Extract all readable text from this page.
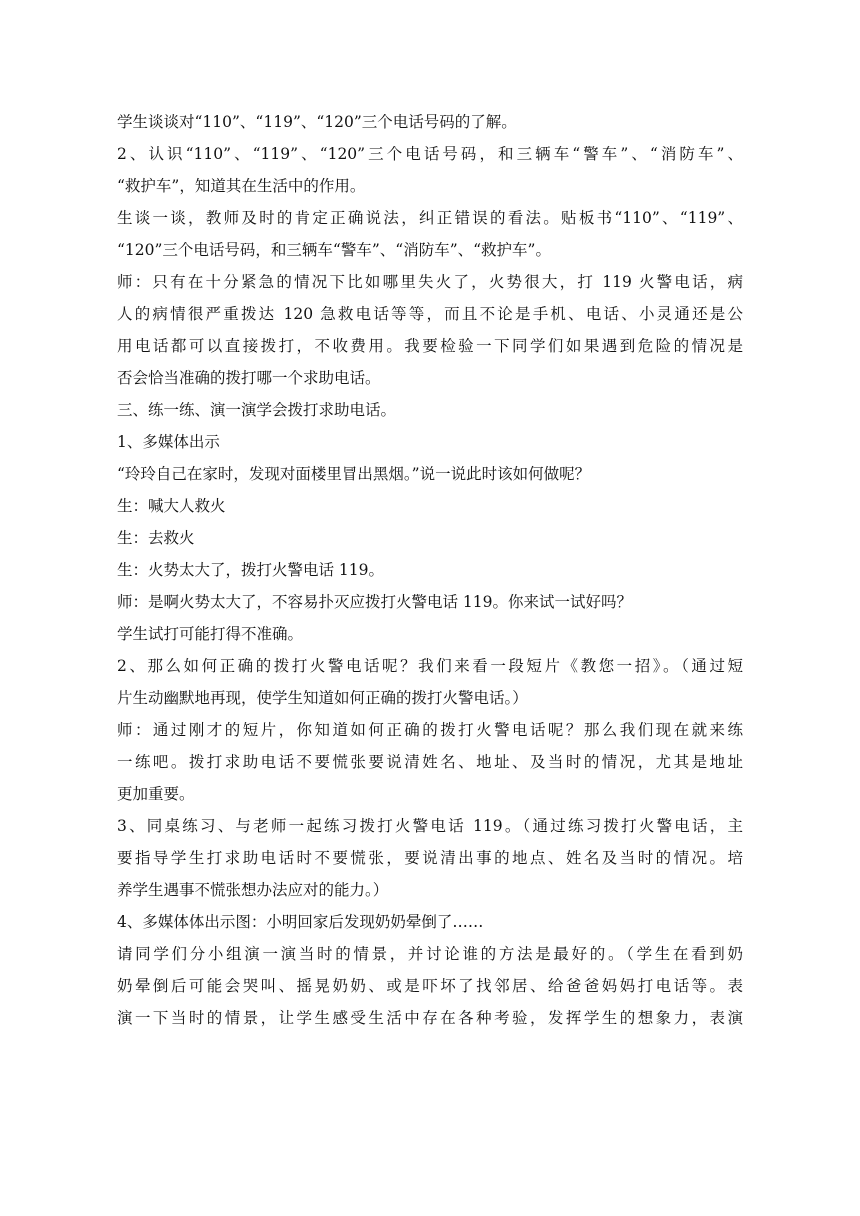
学生谈谈对“110”、“119”、“120”三个电话号码的了解。
2、认识“110”、“119”、“120”三个电话号码，和三辆车“警车”、“消防车”、
“救护车”，知道其在生活中的作用。
生谈一谈，教师及时的肯定正确说法，纠正错误的看法。贴板书“110”、“119”、
“120”三个电话号码，和三辆车“警车”、“消防车”、“救护车”。
师：只有在十分紧急的情况下比如哪里失火了，火势很大，打 119 火警电话，病
人的病情很严重拨达 120 急救电话等等，而且不论是手机、电话、小灵通还是公
用电话都可以直接拨打，不收费用。我要检验一下同学们如果遇到危险的情况是
否会恰当准确的拨打哪一个求助电话。
三、练一练、演一演学会拨打求助电话。
1、多媒体出示
“玲玲自己在家时，发现对面楼里冒出黑烟。”说一说此时该如何做呢？
生：喊大人救火
生：去救火
生：火势太大了，拨打火警电话 119。
师：是啊火势太大了，不容易扑灭应拨打火警电话 119。你来试一试好吗？
学生试打可能打得不准确。
2、那么如何正确的拨打火警电话呢？我们来看一段短片《教您一招》。（通过短
片生动幽默地再现，使学生知道如何正确的拨打火警电话。）
师：通过刚才的短片，你知道如何正确的拨打火警电话呢？那么我们现在就来练
一练吧。拨打求助电话不要慌张要说清姓名、地址、及当时的情况，尤其是地址
更加重要。
3、同桌练习、与老师一起练习拨打火警电话 119。（通过练习拨打火警电话，主
要指导学生打求助电话时不要慌张，要说清出事的地点、姓名及当时的情况。培
养学生遇事不慌张想办法应对的能力。）
4、多媒体体出示图：小明回家后发现奶奶晕倒了……
请同学们分小组演一演当时的情景，并讨论谁的方法是最好的。（学生在看到奶
奶晕倒后可能会哭叫、摇晃奶奶、或是吓坏了找邻居、给爸爸妈妈打电话等。表
演一下当时的情景，让学生感受生活中存在各种考验，发挥学生的想象力，表演
